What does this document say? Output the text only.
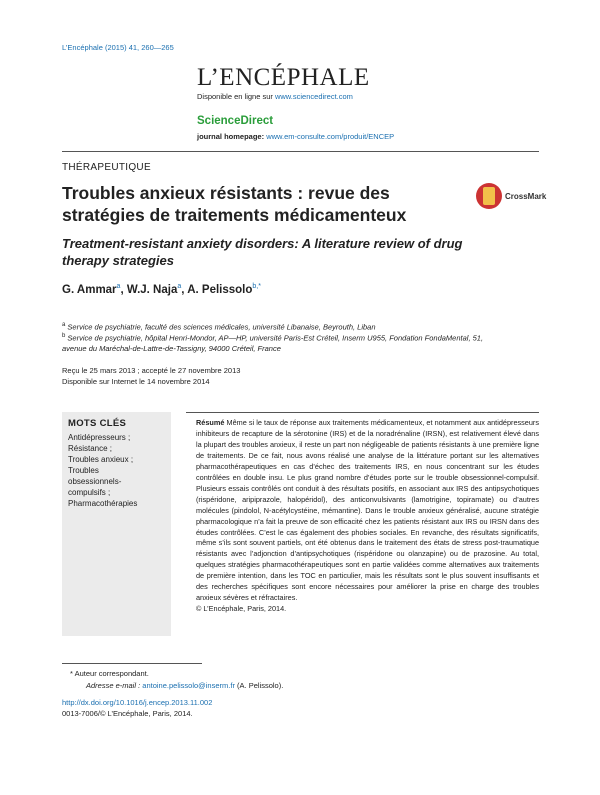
L’Encéphale (2015) 41, 260—265
L’ENCÉPHALE
Disponible en ligne sur www.sciencedirect.com
ScienceDirect
journal homepage: www.em-consulte.com/produit/ENCEP
THÉRAPEUTIQUE
Troubles anxieux résistants : revue des stratégies de traitements médicamenteux
CrossMark
Treatment-resistant anxiety disorders: A literature review of drug therapy strategies
G. Ammar$^a$, W.J. Naja$^a$, A. Pelissolo$^{b,*}$
$^a$ Service de psychiatrie, faculté des sciences médicales, université Libanaise, Beyrouth, Liban
$^b$ Service de psychiatrie, hôpital Henri-Mondor, AP—HP, université Paris-Est Créteil, Inserm U955, Fondation FondaMental, 51, avenue du Maréchal-de-Lattre-de-Tassigny, 94000 Créteil, France
Reçu le 25 mars 2013 ; accepté le 27 novembre 2013
Disponible sur Internet le 14 novembre 2014
MOTS CLÉS
Antidépresseurs ;
Résistance ;
Troubles anxieux ;
Troubles
obsessionnels-
compulsifs ;
Pharmacothérapies
Résumé Même si le taux de réponse aux traitements médicamenteux, et notamment aux antidépresseurs inhibiteurs de recapture de la sérotonine (IRS) et de la noradrénaline (IRSN), est relativement élevé dans la plupart des troubles anxieux, il reste un part non négligeable de patients résistants à une première ligne de traitements. De ce fait, nous avons réalisé une analyse de la littérature portant sur les alternatives pharmacothérapeutiques en cas d’échec des traitements IRS, en nous concentrant sur les études contrôlées en double insu. Le plus grand nombre d’études porte sur le trouble obsessionnel-compulsif. Plusieurs essais contrôlés ont conduit à des résultats positifs, en associant aux IRS des antipsychotiques (rispéridone, aripiprazole, halopéridol), des anticonvulsivants (lamotrigine, topiramate) ou d’autres molécules (pindolol, N-acétylcystéine, mémantine). Dans le trouble anxieux généralisé, aucune stratégie pharmacologique n’a fait la preuve de son efficacité chez les patients résistant aux IRS ou IRSN dans des études contrôlées. C’est le cas également des phobies sociales. En revanche, des résultats significatifs, même s’ils sont souvent partiels, ont été obtenus dans le traitement des états de stress post-traumatique résistants avec l’adjonction d’antipsychotiques (rispéridone ou olanzapine) ou de prazosine. Au total, quelques stratégies pharmacothérapeutiques sont en partie validées comme alternatives aux traitements de première intention, dans les TOC en particulier, mais les résultats sont le plus souvent insuffisants et des recherches spécifiques sont encore nécessaires pour améliorer la prise en charge des troubles anxieux sévères et réfractaires.
© L’Encéphale, Paris, 2014.
* Auteur correspondant.
Adresse e-mail : antoine.pelissolo@inserm.fr (A. Pelissolo).
http://dx.doi.org/10.1016/j.encep.2013.11.002
0013-7006/© L’Encéphale, Paris, 2014.
